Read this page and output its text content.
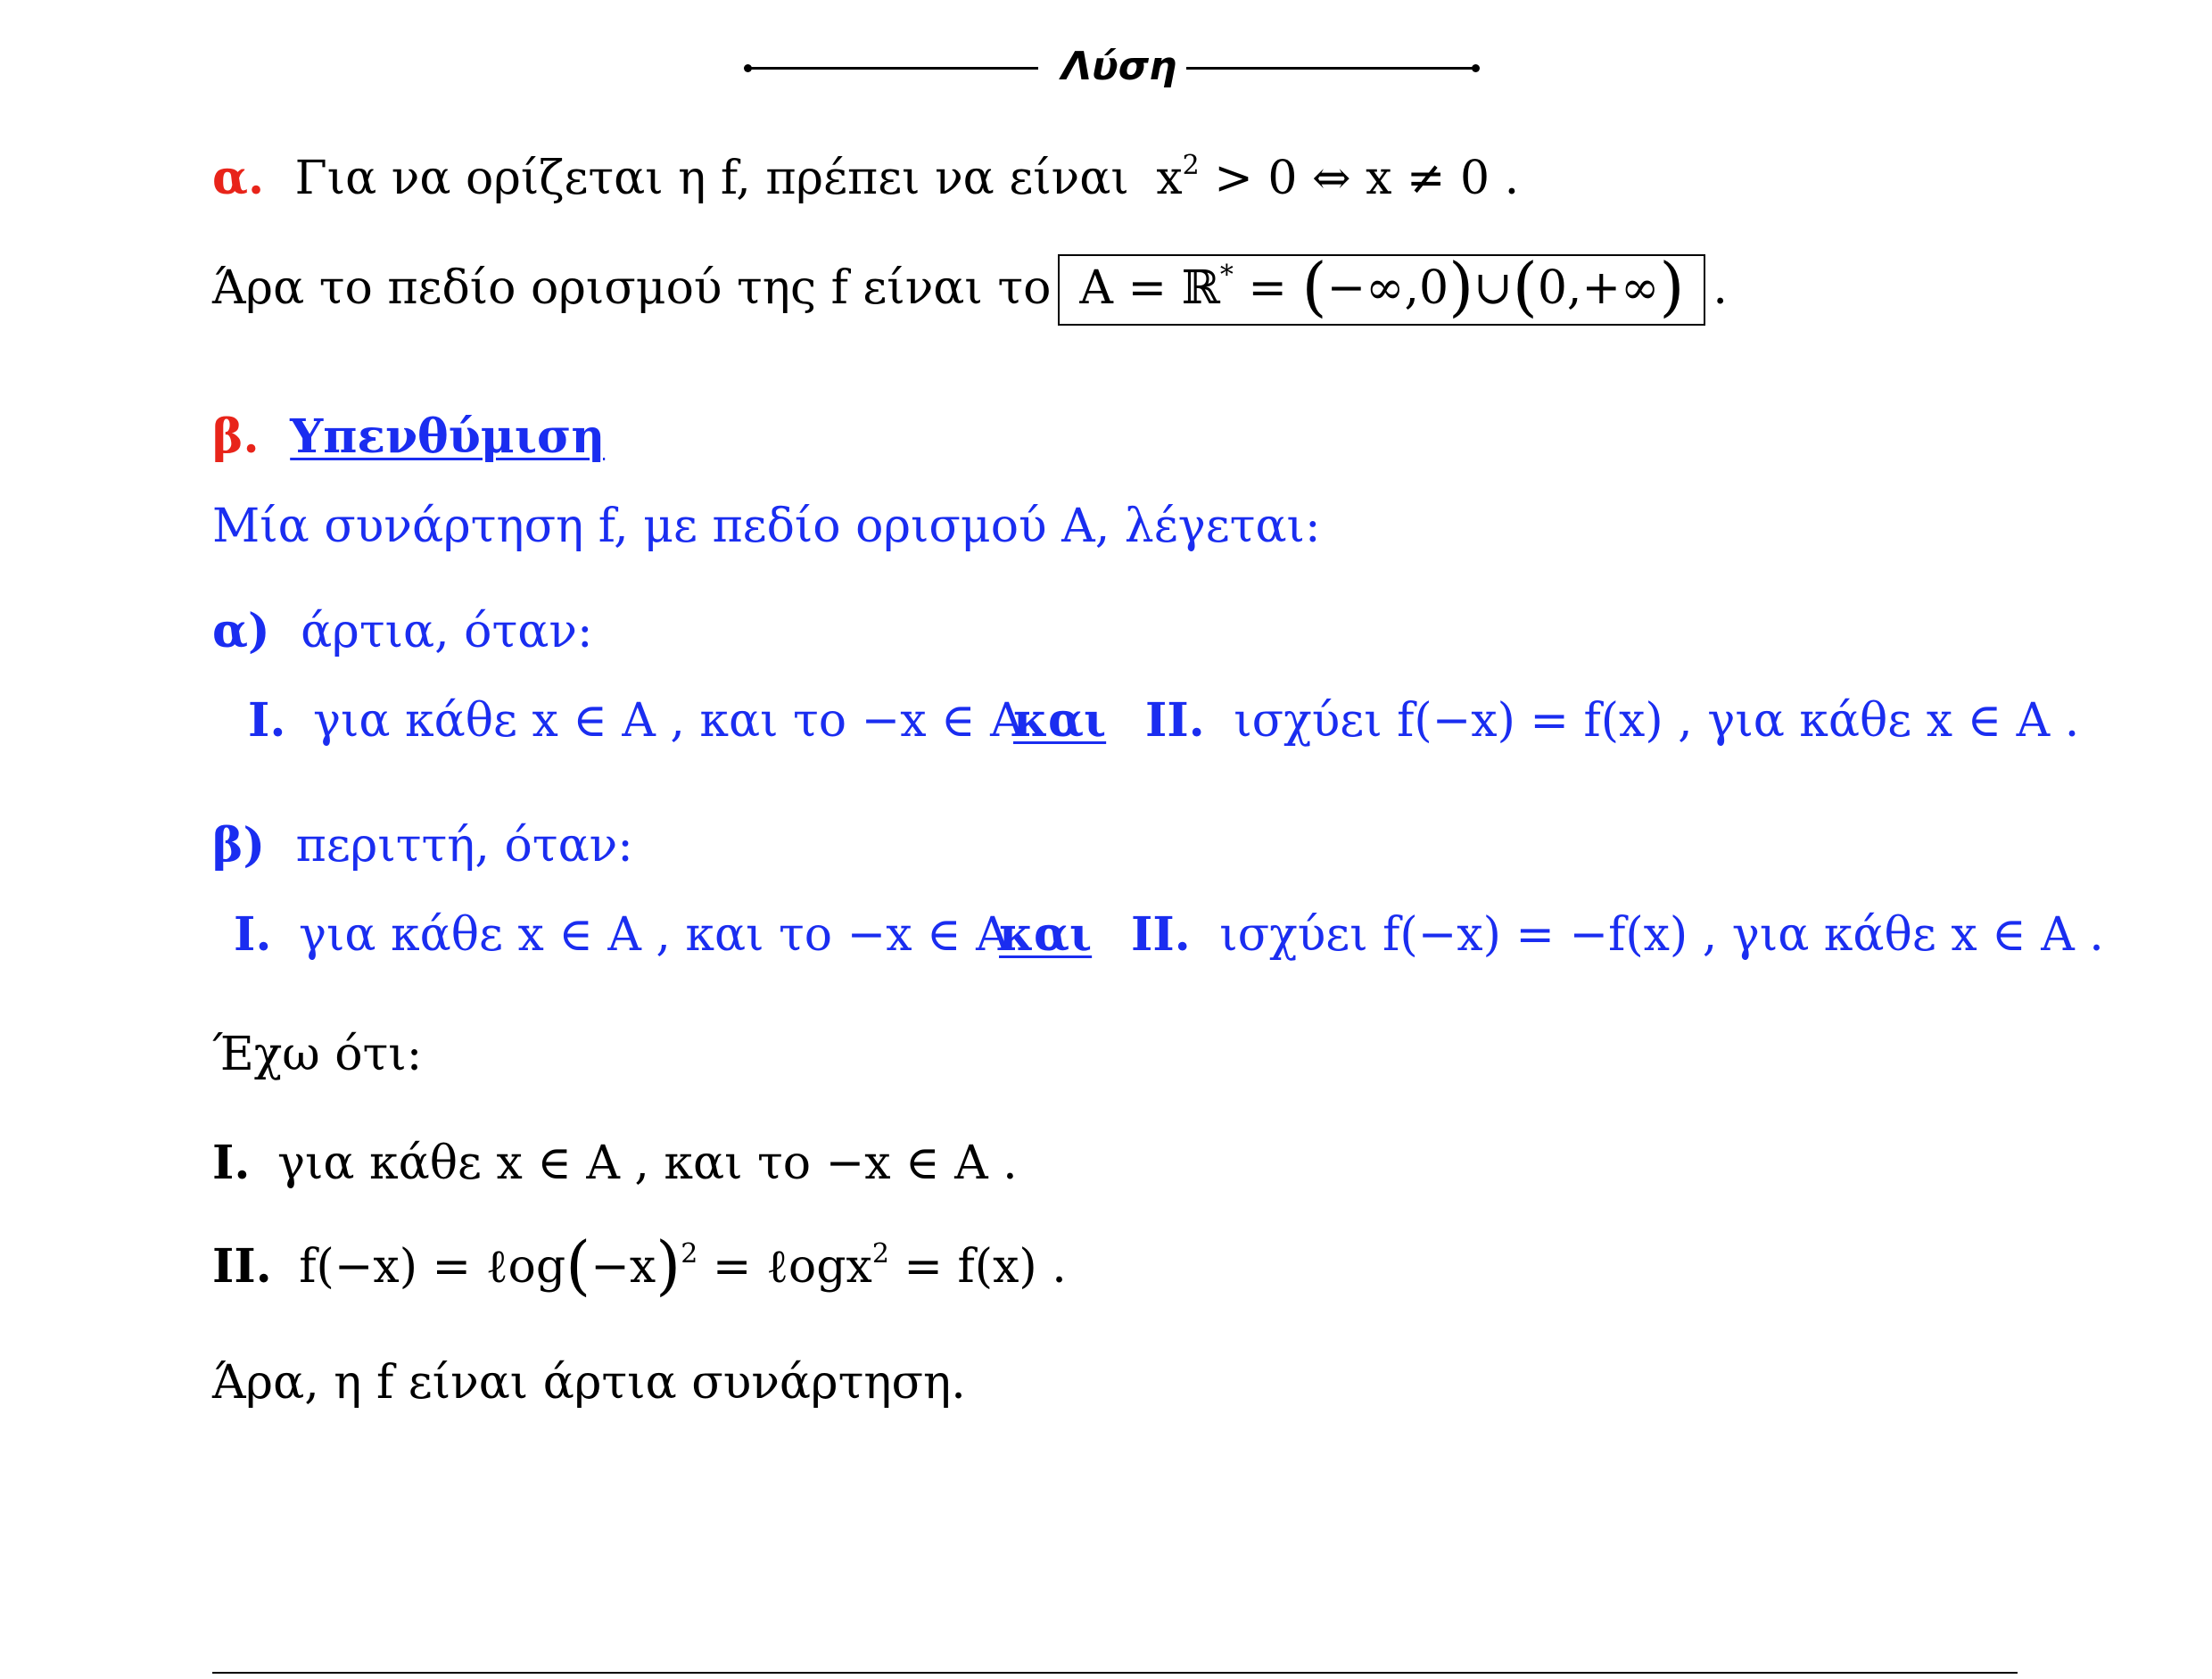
Λύση
α. Για να ορίζεται η f, πρέπει να είναι $x^2 > 0$ ⇔ x ≠ 0 .
Άρα το πεδίο ορισμού της f είναι το A = ℝ* = (−∞,0)∪(0,+∞) .
β. Υπενθύμιση
Μία συνάρτηση f, με πεδίο ορισμού A, λέγεται:
α) άρτια, όταν:
I. για κάθε x ∈ A , και το −x ∈ A
και II. ισχύει f(−x) = f(x) , για κάθε x ∈ A .
β) περιττή, όταν:
I. για κάθε x ∈ A , και το −x ∈ A
και II. ισχύει f(−x) = −f(x) , για κάθε x ∈ A .
Έχω ότι:
I. για κάθε x ∈ A , και το −x ∈ A .
II. $f(-x) = \ell og(-x)^2$ = ℓogx$^2$ = f(x) .
Άρα, η f είναι άρτια συνάρτηση.
